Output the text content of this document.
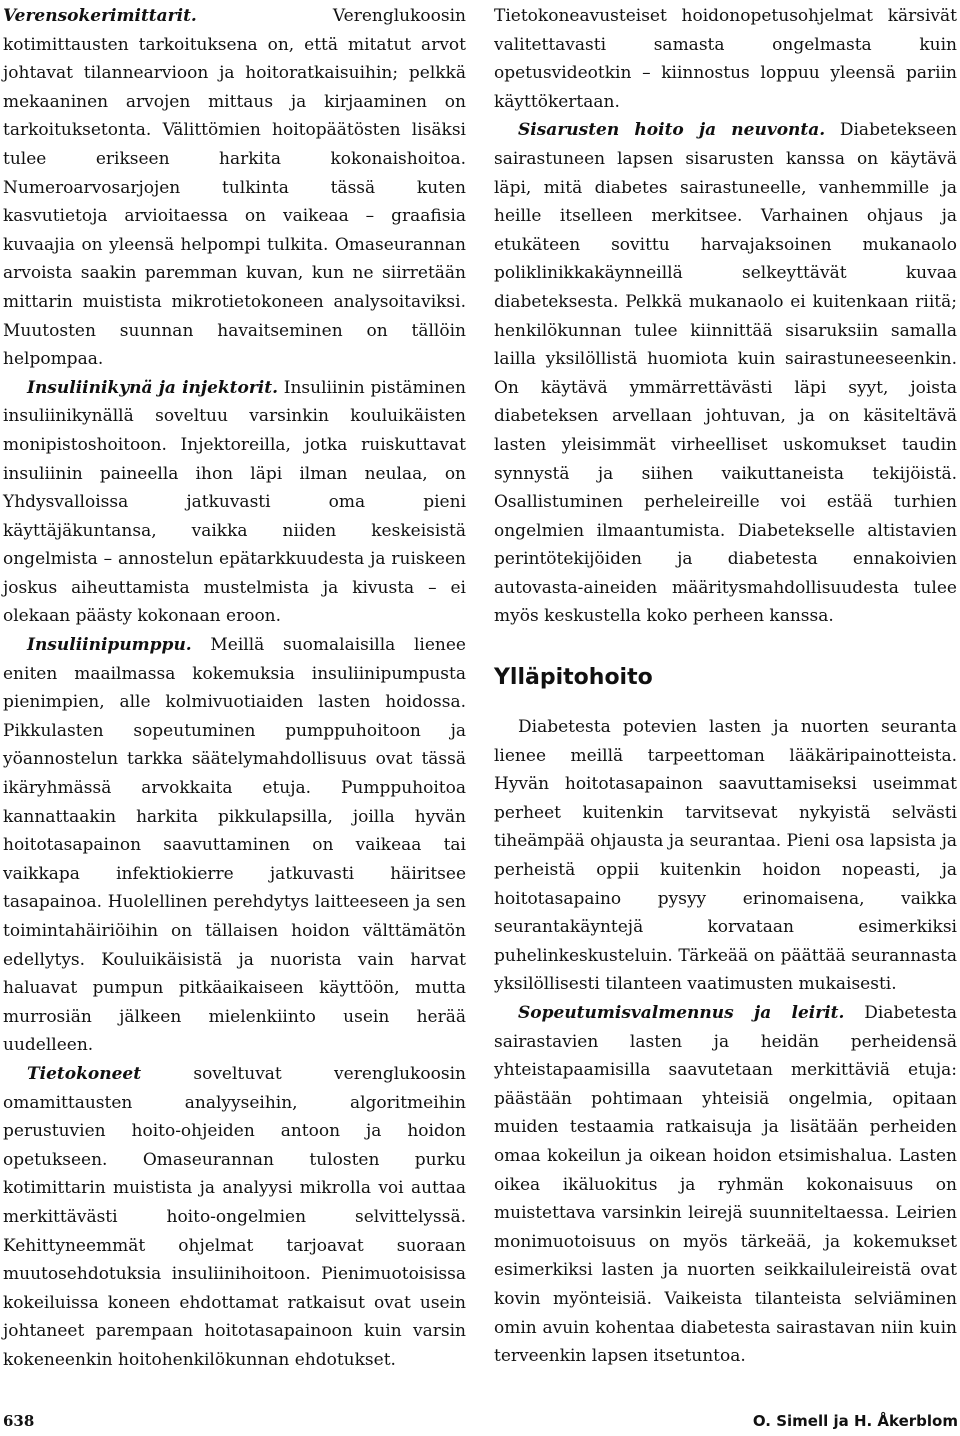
Verensokerimittarit. Verenglukoosin kotimittausten tarkoituksena on, että mitatut arvot johtavat tilannearvioon ja hoitoratkaisuihin; pelkkä mekaaninen arvojen mittaus ja kirjaaminen on tarkoituksetonta. Välittömien hoitopäätösten lisäksi tulee erikseen harkita kokonaishoitoa. Numeroarvosarjojen tulkinta tässä kuten kasvutietoja arvioitaessa on vaikeaa – graafisia kuvaajia on yleensä helpompi tulkita. Omaseurannan arvoista saakin paremman kuvan, kun ne siirretään mittarin muistista mikrotietokoneen analysoitaviksi. Muutosten suunnan havaitseminen on tällöin helpompaa.

Insuliinikynä ja injektorit. Insuliinin pistäminen insuliinikynällä soveltuu varsinkin kouluikäisten monipistoshoitoon. Injektoreilla, jotka ruiskuttavat insuliinin paineella ihon läpi ilman neulaa, on Yhdysvalloissa jatkuvasti oma pieni käyttäjäkuntansa, vaikka niiden keskeisistä ongelmista – annostelun epätarkkuudesta ja ruiskeen joskus aiheuttamista mustelmista ja kivusta – ei olekaan päästy kokonaan eroon.

Insuliinipumppu. Meillä suomalaisilla lienee eniten maailmassa kokemuksia insuliinipumpusta pienimpien, alle kolmivuotiaiden lasten hoidossa. Pikkulasten sopeutuminen pumppuhoitoon ja yöannostelun tarkka säätelymahdollisuus ovat tässä ikäryhmässä arvokkaita etuja. Pumppuhoitoa kannattaakin harkita pikkulapsilla, joilla hyvän hoitotasapainon saavuttaminen on vaikeaa tai vaikkapa infektiokierre jatkuvasti häiritsee tasapainoa. Huolellinen perehdytys laitteeseen ja sen toimintahäiriöihin on tällaisen hoidon välttämätön edellytys. Kouluikäisistä ja nuorista vain harvat haluavat pumpun pitkäaikaiseen käyttöön, mutta murrosiän jälkeen mielenkiinto usein herää uudelleen.

Tietokoneet soveltuvat verenglukoosin omamittausten analyyseihin, algoritmeihin perustuvien hoito-ohjeiden antoon ja hoidon opetukseen. Omaseurannan tulosten purku kotimittarin muistista ja analyysi mikrolla voi auttaa merkittävästi hoito-ongelmien selvittelyssä. Kehittyneemmät ohjelmat tarjoavat suoraan muutosehdotuksia insuliinihoitoon. Pienimuotoisissa kokeiluissa koneen ehdottamat ratkaisut ovat usein johtaneet parempaan hoitotasapainoon kuin varsin kokeneenkin hoitohenkilökunnan ehdotukset.

Tietokoneavusteiset hoidonopetusohjelmat kärsivät valitettavasti samasta ongelmasta kuin opetusvideotkin – kiinnostus loppuu yleensä pariin käyttökertaan.

Sisarusten hoito ja neuvonta. Diabetekseen sairastuneen lapsen sisarusten kanssa on käytävä läpi, mitä diabetes sairastuneelle, vanhemmille ja heille itselleen merkitsee. Varhainen ohjaus ja etukäteen sovittu harvajaksoinen mukanaolo poliklinikkakäynneillä selkeyttävät kuvaa diabeteksesta. Pelkkä mukanaolo ei kuitenkaan riitä; henkilökunnan tulee kiinnittää sisaruksiin samalla lailla yksilöllistä huomiota kuin sairastuneeseenkin. On käytävä ymmärrettävästi läpi syyt, joista diabeteksen arvellaan johtuvan, ja on käsiteltävä lasten yleisimmät virheelliset uskomukset taudin synnystä ja siihen vaikuttaneista tekijöistä. Osallistuminen perheleireille voi estää turhien ongelmien ilmaantumista. Diabetekselle altistavien perintötekijöiden ja diabetesta ennakoivien autovasta-aineiden määritysmahdollisuudesta tulee myös keskustella koko perheen kanssa.

Ylläpitohoito

Diabetesta potevien lasten ja nuorten seuranta lienee meillä tarpeettoman lääkäripainotteista. Hyvän hoitotasapainon saavuttamiseksi useimmat perheet kuitenkin tarvitsevat nykyistä selvästi tiheämpää ohjausta ja seurantaa. Pieni osa lapsista ja perheistä oppii kuitenkin hoidon nopeasti, ja hoitotasapaino pysyy erinomaisena, vaikka seurantakäyntejä korvataan esimerkiksi puhelinkeskusteluin. Tärkeää on päättää seurannasta yksilöllisesti tilanteen vaatimusten mukaisesti.

Sopeutumisvalmennus ja leirit. Diabetesta sairastavien lasten ja heidän perheidensä yhteistapaamisilla saavutetaan merkittäviä etuja: päästään pohtimaan yhteisiä ongelmia, opitaan muiden testaamia ratkaisuja ja lisätään perheiden omaa kokeilun ja oikean hoidon etsimishalua. Lasten oikea ikäluokitus ja ryhmän kokonaisuus on muistettava varsinkin leirejä suunniteltaessa. Leirien monimuotoisuus on myös tärkeää, ja kokemukset esimerkiksi lasten ja nuorten seikkailuleireistä ovat kovin myönteisiä. Vaikeista tilanteista selviäminen omin avuin kohentaa diabetesta sairastavan niin kuin terveenkin lapsen itsetuntoa.

638	O. Simell ja H. Åkerblom
